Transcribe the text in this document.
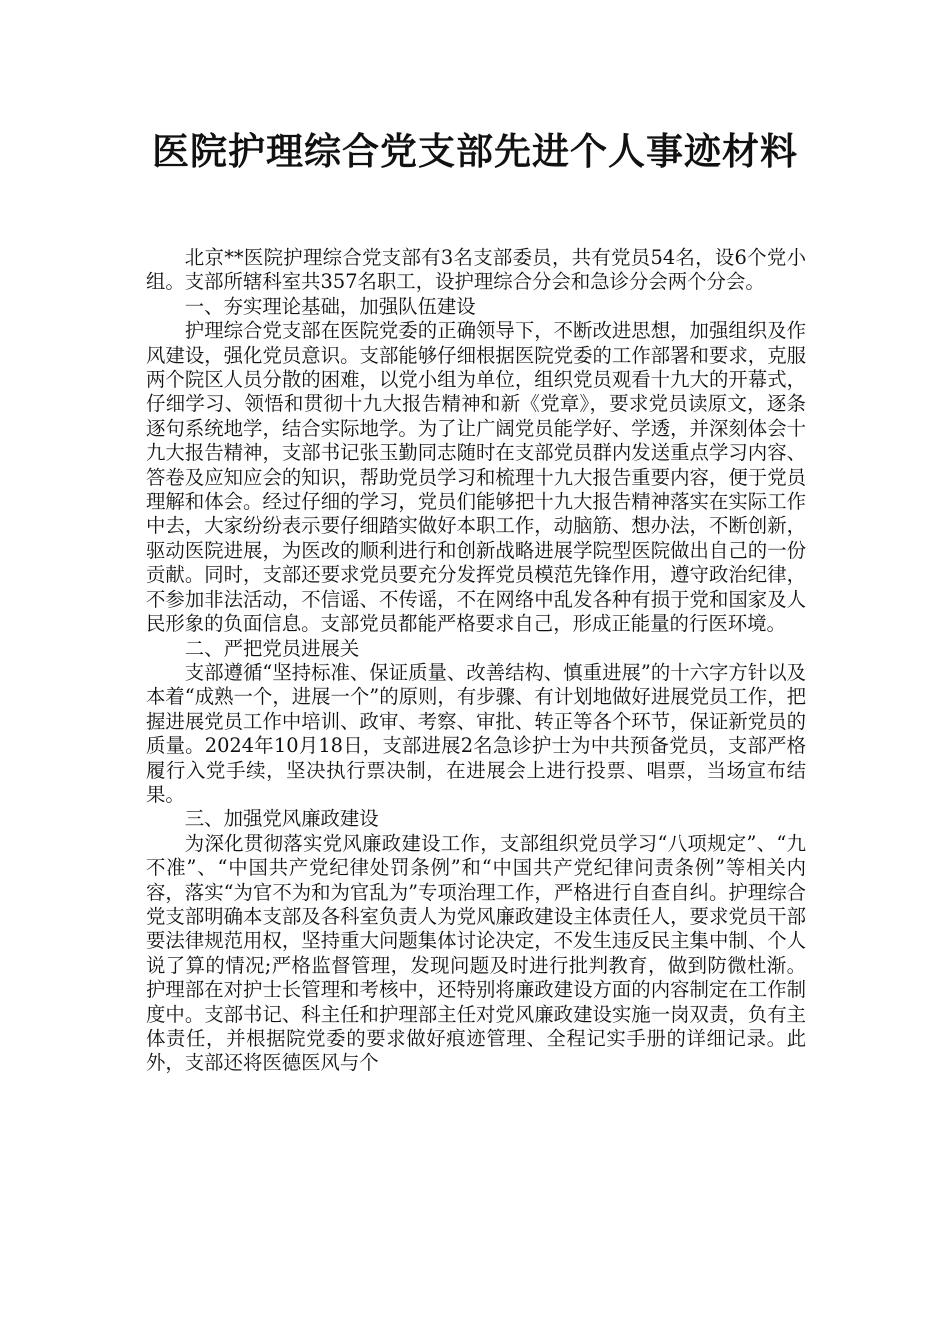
医院护理综合党支部先进个人事迹材料

北京**医院护理综合党支部有3名支部委员，共有党员54名，设6个党小组。支部所辖科室共357名职工，设护理综合分会和急诊分会两个分会。

一、夯实理论基础，加强队伍建设

护理综合党支部在医院党委的正确领导下，不断改进思想，加强组织及作风建设，强化党员意识。支部能够仔细根据医院党委的工作部署和要求，克服两个院区人员分散的困难，以党小组为单位，组织党员观看十九大的开幕式，仔细学习、领悟和贯彻十九大报告精神和新《党章》，要求党员读原文，逐条逐句系统地学，结合实际地学。为了让广阔党员能学好、学透，并深刻体会十九大报告精神，支部书记张玉勤同志随时在支部党员群内发送重点学习内容、答卷及应知应会的知识，帮助党员学习和梳理十九大报告重要内容，便于党员理解和体会。经过仔细的学习，党员们能够把十九大报告精神落实在实际工作中去，大家纷纷表示要仔细踏实做好本职工作，动脑筋、想办法，不断创新，驱动医院进展，为医改的顺利进行和创新战略进展学院型医院做出自己的一份贡献。同时，支部还要求党员要充分发挥党员模范先锋作用，遵守政治纪律，不参加非法活动，不信谣、不传谣，不在网络中乱发各种有损于党和国家及人民形象的负面信息。支部党员都能严格要求自己，形成正能量的行医环境。

二、严把党员进展关

支部遵循“坚持标准、保证质量、改善结构、慎重进展”的十六字方针以及本着“成熟一个，进展一个”的原则，有步骤、有计划地做好进展党员工作，把握进展党员工作中培训、政审、考察、审批、转正等各个环节，保证新党员的质量。2024年10月18日，支部进展2名急诊护士为中共预备党员，支部严格履行入党手续，坚决执行票决制，在进展会上进行投票、唱票，当场宣布结果。

三、加强党风廉政建设

为深化贯彻落实党风廉政建设工作，支部组织党员学习“八项规定”、“九不准”、“中国共产党纪律处罚条例”和“中国共产党纪律问责条例”等相关内容，落实“为官不为和为官乱为”专项治理工作，严格进行自查自纠。护理综合党支部明确本支部及各科室负责人为党风廉政建设主体责任人，要求党员干部要法律规范用权，坚持重大问题集体讨论决定，不发生违反民主集中制、个人说了算的情况;严格监督管理，发现问题及时进行批判教育，做到防微杜渐。护理部在对护士长管理和考核中，还特别将廉政建设方面的内容制定在工作制度中。支部书记、科主任和护理部主任对党风廉政建设实施一岗双责，负有主体责任，并根据院党委的要求做好痕迹管理、全程记实手册的详细记录。此外，支部还将医德医风与个
